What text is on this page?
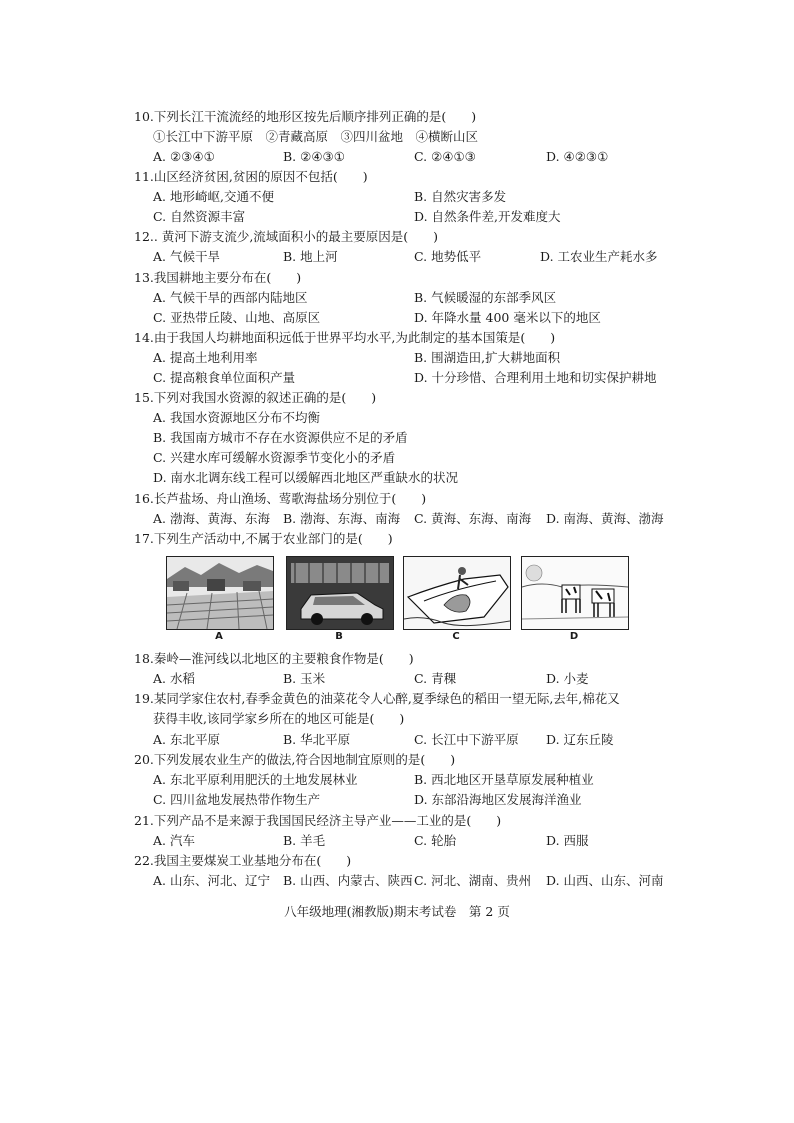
10.下列长江干流流经的地形区按先后顺序排列正确的是(　　)
①长江中下游平原　②青藏高原　③四川盆地　④横断山区
A. ②③④①	B. ②④③①	C. ②④①③	D. ④②③①
11.山区经济贫困,贫困的原因不包括(　　)
A. 地形崎岖,交通不便	B. 自然灾害多发
C. 自然资源丰富	D. 自然条件差,开发难度大
12.. 黄河下游支流少,流域面积小的最主要原因是(　　)
A. 气候干旱	B. 地上河	C. 地势低平	D. 工农业生产耗水多
13.我国耕地主要分布在(　　)
A. 气候干旱的西部内陆地区	B. 气候暖湿的东部季风区
C. 亚热带丘陵、山地、高原区	D. 年降水量 400 毫米以下的地区
14.由于我国人均耕地面积远低于世界平均水平,为此制定的基本国策是(　　)
A. 提高土地利用率	B. 围湖造田,扩大耕地面积
C. 提高粮食单位面积产量	D. 十分珍惜、合理利用土地和切实保护耕地
15.下列对我国水资源的叙述正确的是(　　)
A. 我国水资源地区分布不均衡
B. 我国南方城市不存在水资源供应不足的矛盾
C. 兴建水库可缓解水资源季节变化小的矛盾
D. 南水北调东线工程可以缓解西北地区严重缺水的状况
16.长芦盐场、舟山渔场、莺歌海盐场分别位于(　　)
A. 渤海、黄海、东海 B. 渤海、东海、南海 C. 黄海、东海、南海 D. 南海、黄海、渤海
17.下列生产活动中,不属于农业部门的是(　　)
A	B	C	D
18.秦岭—淮河线以北地区的主要粮食作物是(　　)
A. 水稻	B. 玉米	C. 青稞	D. 小麦
19.某同学家住农村,春季金黄色的油菜花令人心醉,夏季绿色的稻田一望无际,去年,棉花又
获得丰收,该同学家乡所在的地区可能是(　　)
A. 东北平原	B. 华北平原	C. 长江中下游平原 D. 辽东丘陵
20.下列发展农业生产的做法,符合因地制宜原则的是(　　)
A. 东北平原利用肥沃的土地发展林业	B. 西北地区开垦草原发展种植业
C. 四川盆地发展热带作物生产	D. 东部沿海地区发展海洋渔业
21.下列产品不是来源于我国国民经济主导产业——工业的是(　　)
A. 汽车	B. 羊毛	C. 轮胎	D. 西服
22.我国主要煤炭工业基地分布在(　　)
A. 山东、河北、辽宁 B. 山西、内蒙古、陕西 C. 河北、湖南、贵州 D. 山西、山东、河南
八年级地理(湘教版)期末考试卷　第 2 页
